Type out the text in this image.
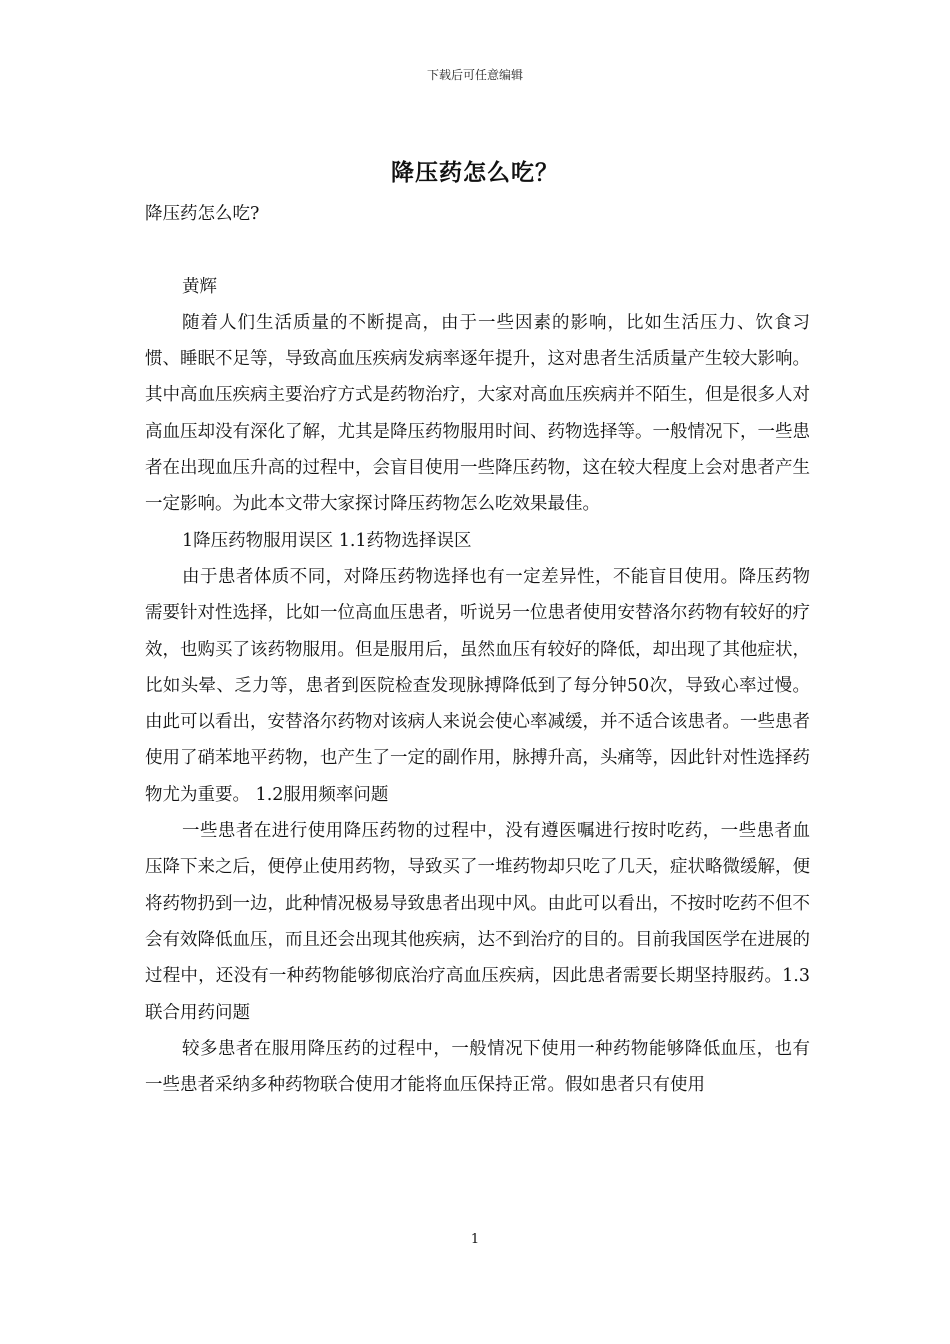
下载后可任意编辑
降压药怎么吃？

降压药怎么吃?

黄辉

随着人们生活质量的不断提高，由于一些因素的影响，比如生活压力、饮食习惯、睡眠不足等，导致高血压疾病发病率逐年提升，这对患者生活质量产生较大影响。其中高血压疾病主要治疗方式是药物治疗，大家对高血压疾病并不陌生，但是很多人对高血压却没有深化了解，尤其是降压药物服用时间、药物选择等。一般情况下，一些患者在出现血压升高的过程中，会盲目使用一些降压药物，这在较大程度上会对患者产生一定影响。为此本文带大家探讨降压药物怎么吃效果最佳。

1降压药物服用误区 1.1药物选择误区

由于患者体质不同，对降压药物选择也有一定差异性，不能盲目使用。降压药物需要针对性选择，比如一位高血压患者，听说另一位患者使用安替洛尔药物有较好的疗效，也购买了该药物服用。但是服用后，虽然血压有较好的降低，却出现了其他症状，比如头晕、乏力等，患者到医院检查发现脉搏降低到了每分钟50次，导致心率过慢。由此可以看出，安替洛尔药物对该病人来说会使心率减缓，并不适合该患者。一些患者使用了硝苯地平药物，也产生了一定的副作用，脉搏升高，头痛等，因此针对性选择药物尤为重要。 1.2服用频率问题

一些患者在进行使用降压药物的过程中，没有遵医嘱进行按时吃药，一些患者血压降下来之后，便停止使用药物，导致买了一堆药物却只吃了几天，症状略微缓解，便将药物扔到一边，此种情况极易导致患者出现中风。由此可以看出，不按时吃药不但不会有效降低血压，而且还会出现其他疾病，达不到治疗的目的。目前我国医学在进展的过程中，还没有一种药物能够彻底治疗高血压疾病，因此患者需要长期坚持服药。1.3联合用药问题

较多患者在服用降压药的过程中，一般情况下使用一种药物能够降低血压，也有一些患者采纳多种药物联合使用才能将血压保持正常。假如患者只有使用

1
